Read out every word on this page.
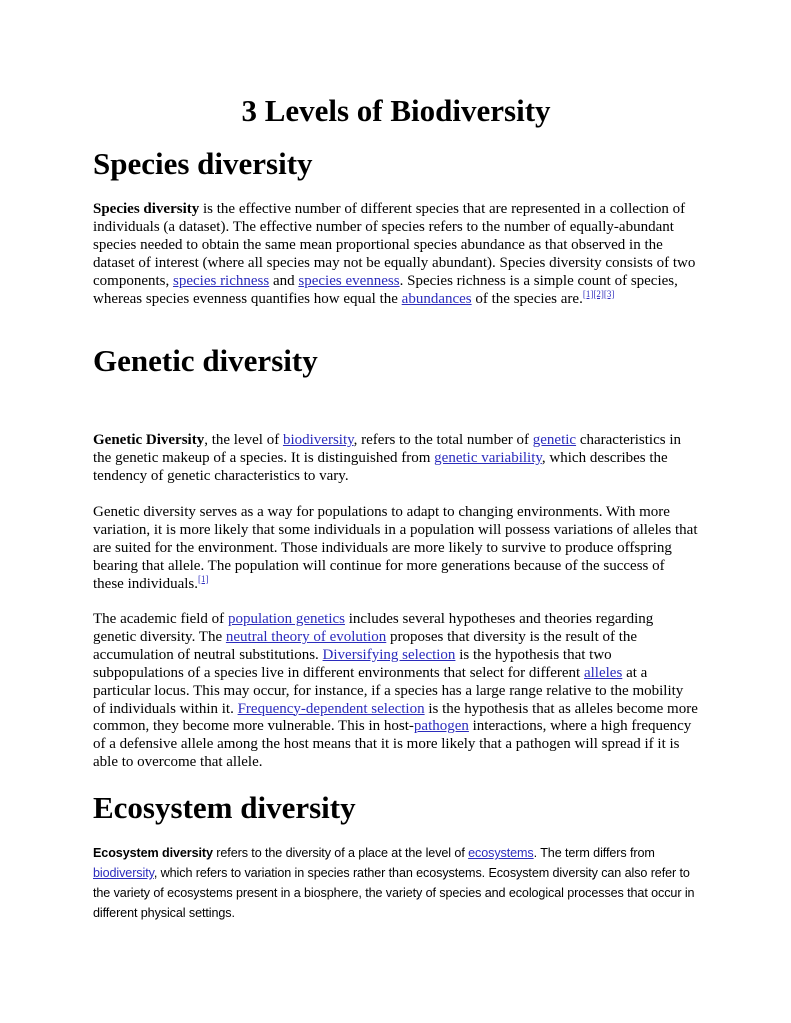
3 Levels of Biodiversity
Species diversity

Species diversity is the effective number of different species that are represented in a collection of individuals (a dataset). The effective number of species refers to the number of equally-abundant species needed to obtain the same mean proportional species abundance as that observed in the dataset of interest (where all species may not be equally abundant). Species diversity consists of two components, species richness and species evenness. Species richness is a simple count of species, whereas species evenness quantifies how equal the abundances of the species are.[1][2][3]

Genetic diversity

Genetic Diversity, the level of biodiversity, refers to the total number of genetic characteristics in the genetic makeup of a species. It is distinguished from genetic variability, which describes the tendency of genetic characteristics to vary.

Genetic diversity serves as a way for populations to adapt to changing environments. With more variation, it is more likely that some individuals in a population will possess variations of alleles that are suited for the environment. Those individuals are more likely to survive to produce offspring bearing that allele. The population will continue for more generations because of the success of these individuals.[1]

The academic field of population genetics includes several hypotheses and theories regarding genetic diversity. The neutral theory of evolution proposes that diversity is the result of the accumulation of neutral substitutions. Diversifying selection is the hypothesis that two subpopulations of a species live in different environments that select for different alleles at a particular locus. This may occur, for instance, if a species has a large range relative to the mobility of individuals within it. Frequency-dependent selection is the hypothesis that as alleles become more common, they become more vulnerable. This in host-pathogen interactions, where a high frequency of a defensive allele among the host means that it is more likely that a pathogen will spread if it is able to overcome that allele.

Ecosystem diversity

Ecosystem diversity refers to the diversity of a place at the level of ecosystems. The term differs from biodiversity, which refers to variation in species rather than ecosystems. Ecosystem diversity can also refer to the variety of ecosystems present in a biosphere, the variety of species and ecological processes that occur in different physical settings.
